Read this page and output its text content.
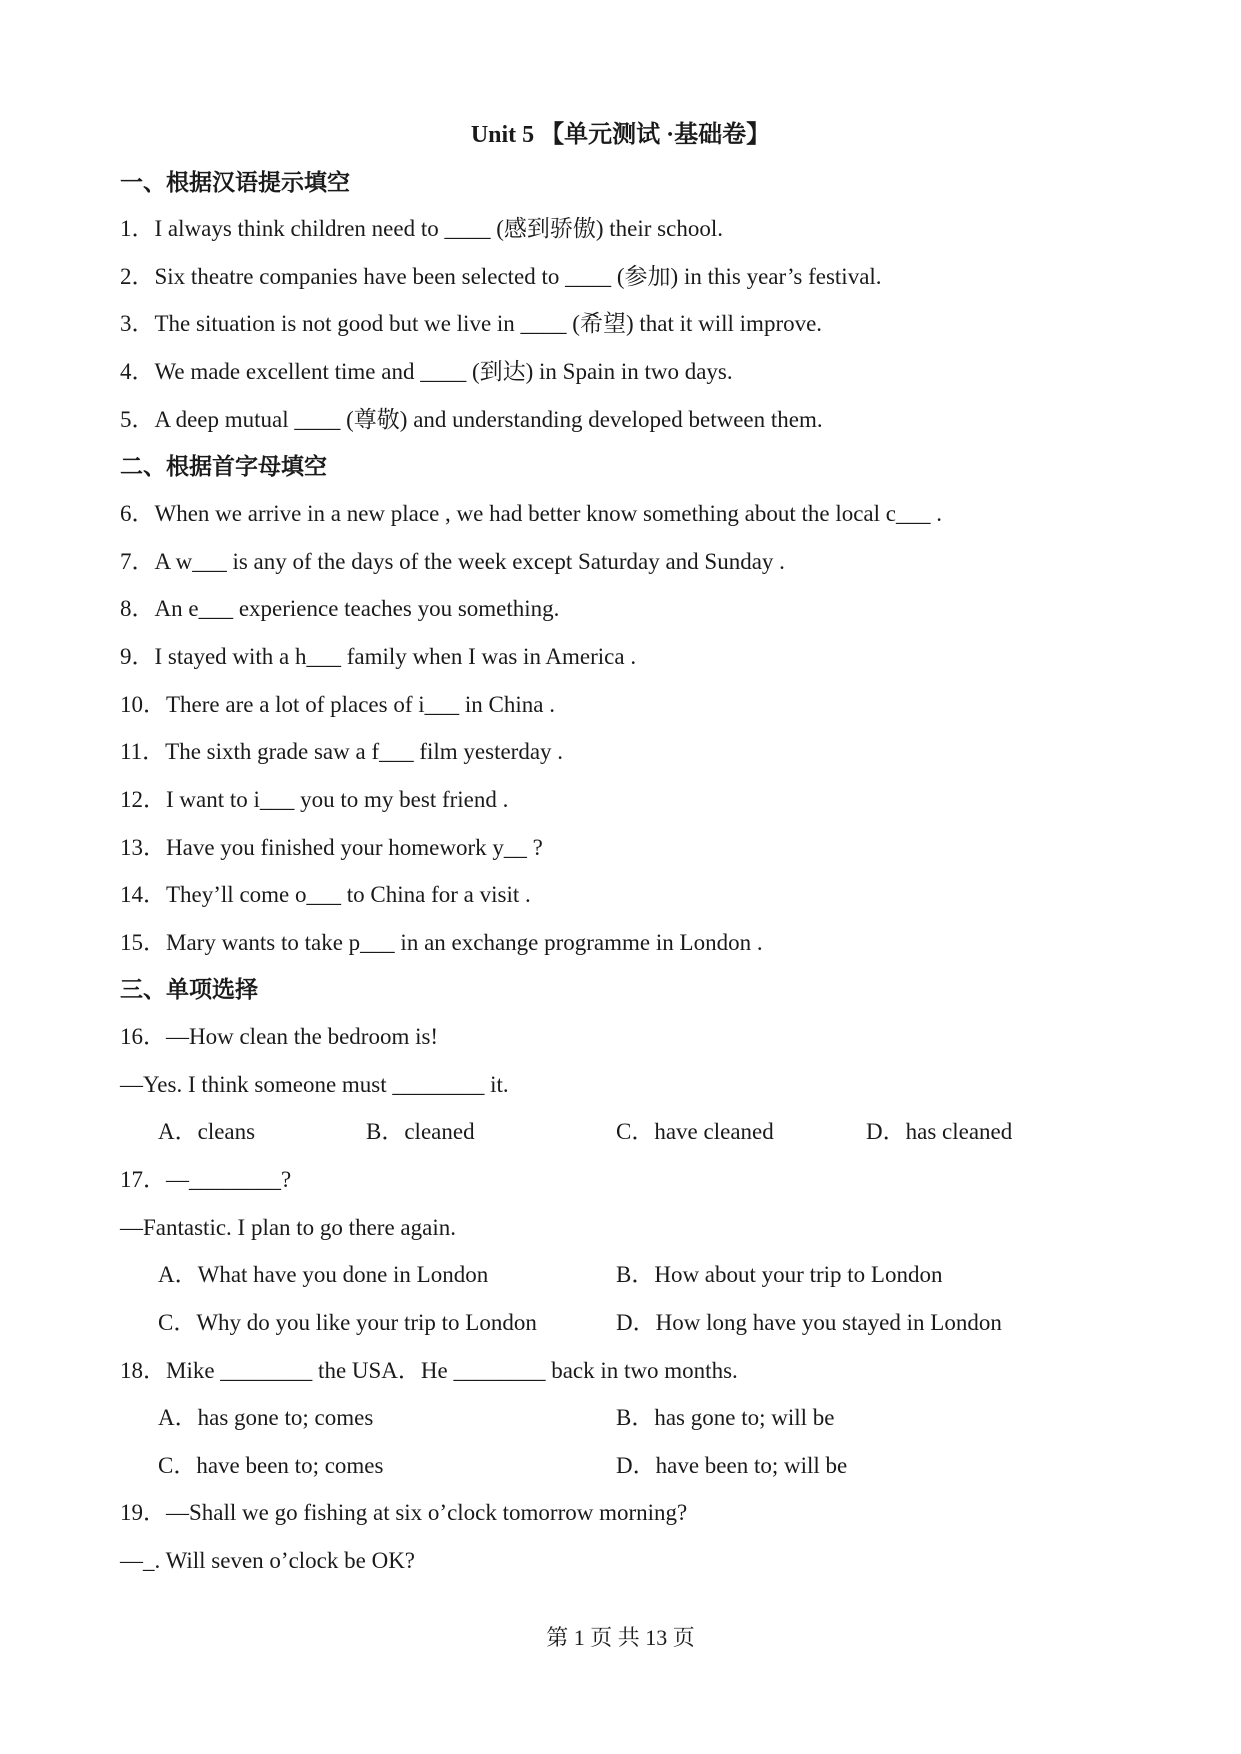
Unit 5 【单元测试 ·基础卷】
一、根据汉语提示填空
1．I always think children need to ____ (感到骄傲) their school.
2．Six theatre companies have been selected to ____ (参加) in this year’s festival.
3．The situation is not good but we live in ____ (希望) that it will improve.
4．We made excellent time and ____ (到达) in Spain in two days.
5．A deep mutual ____ (尊敬) and understanding developed between them.
二、根据首字母填空
6．When we arrive in a new place , we had better know something about the local c___ .
7．A w___ is any of the days of the week except Saturday and Sunday .
8．An e___ experience teaches you something.
9．I stayed with a h___ family when I was in America .
10．There are a lot of places of i___ in China .
11．The sixth grade saw a f___ film yesterday .
12．I want to i___ you to my best friend .
13．Have you finished your homework y__ ?
14．They’ll come o___ to China for a visit .
15．Mary wants to take p___ in an exchange programme in London .
三、单项选择
16．—How clean the bedroom is!
—Yes. I think someone must ________ it.
A．cleans	B．cleaned	C．have cleaned	D．has cleaned
17．—________?
—Fantastic. I plan to go there again.
A．What have you done in London	B．How about your trip to London
C．Why do you like your trip to London	D．How long have you stayed in London
18．Mike ________ the USA．He ________ back in two months.
A．has gone to; comes	B．has gone to; will be
C．have been to; comes	D．have been to; will be
19．—Shall we go fishing at six o’clock tomorrow morning?
—_. Will seven o’clock be OK?
第 1 页 共 13 页
